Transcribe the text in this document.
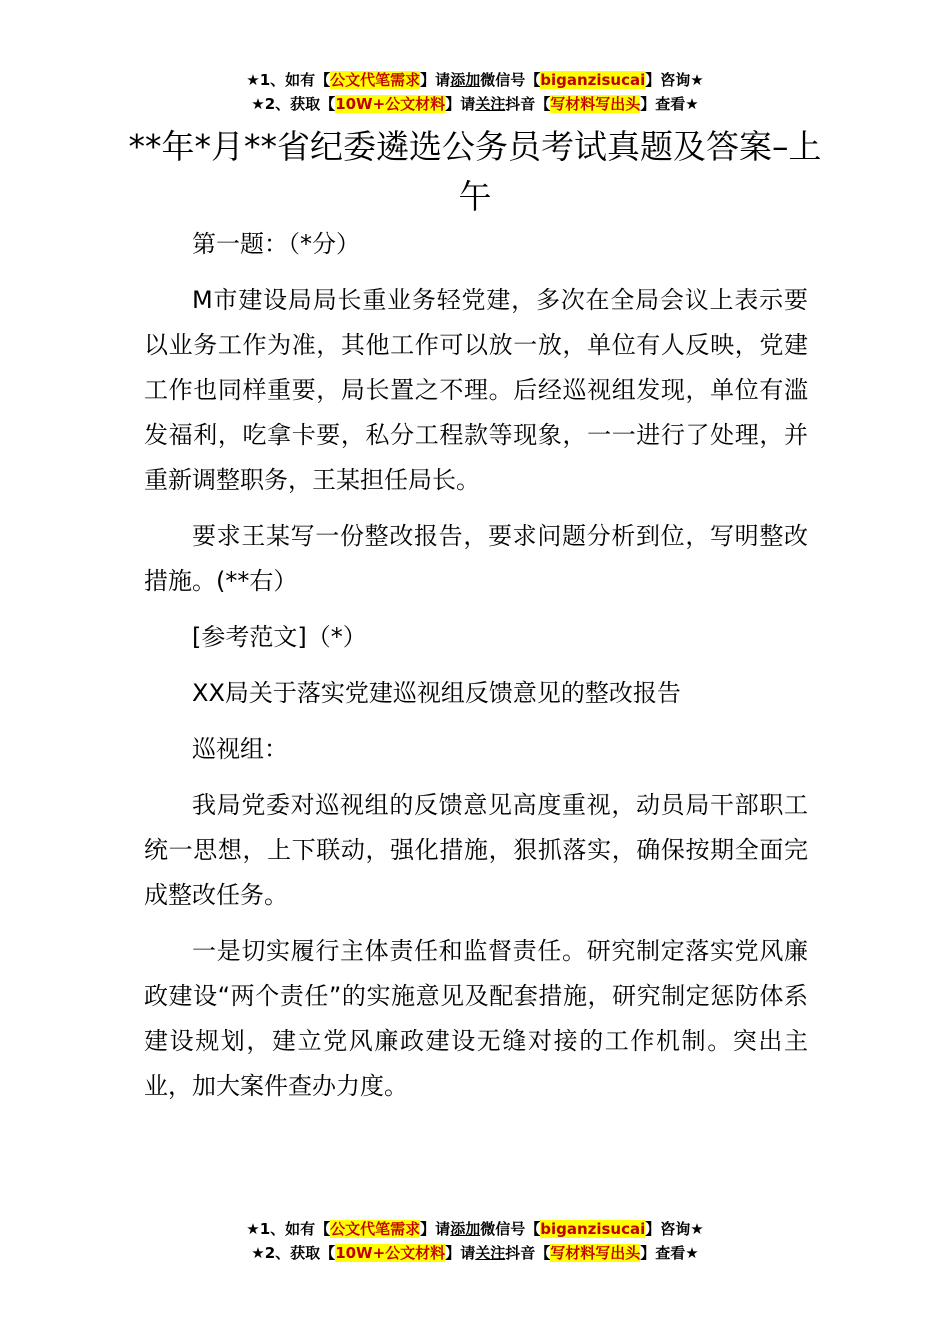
★1、如有【公文代笔需求】请添加微信号【biganzisucai】咨询★
★2、获取【10W+公文材料】请关注抖音【写材料写出头】查看★
**年*月**省纪委遴选公务员考试真题及答案–上午

第一题：（*分）

M市建设局局长重业务轻党建，多次在全局会议上表示要以业务工作为准，其他工作可以放一放，单位有人反映，党建工作也同样重要，局长置之不理。后经巡视组发现，单位有滥发福利，吃拿卡要，私分工程款等现象，一一进行了处理，并重新调整职务，王某担任局长。

要求王某写一份整改报告，要求问题分析到位，写明整改措施。(**右）

[参考范文]（*）

XX局关于落实党建巡视组反馈意见的整改报告

巡视组：

我局党委对巡视组的反馈意见高度重视，动员局干部职工统一思想，上下联动，强化措施，狠抓落实，确保按期全面完成整改任务。

一是切实履行主体责任和监督责任。研究制定落实党风廉政建设“两个责任”的实施意见及配套措施，研究制定惩防体系建设规划，建立党风廉政建设无缝对接的工作机制。突出主业，加大案件查办力度。

★1、如有【公文代笔需求】请添加微信号【biganzisucai】咨询★
★2、获取【10W+公文材料】请关注抖音【写材料写出头】查看★
